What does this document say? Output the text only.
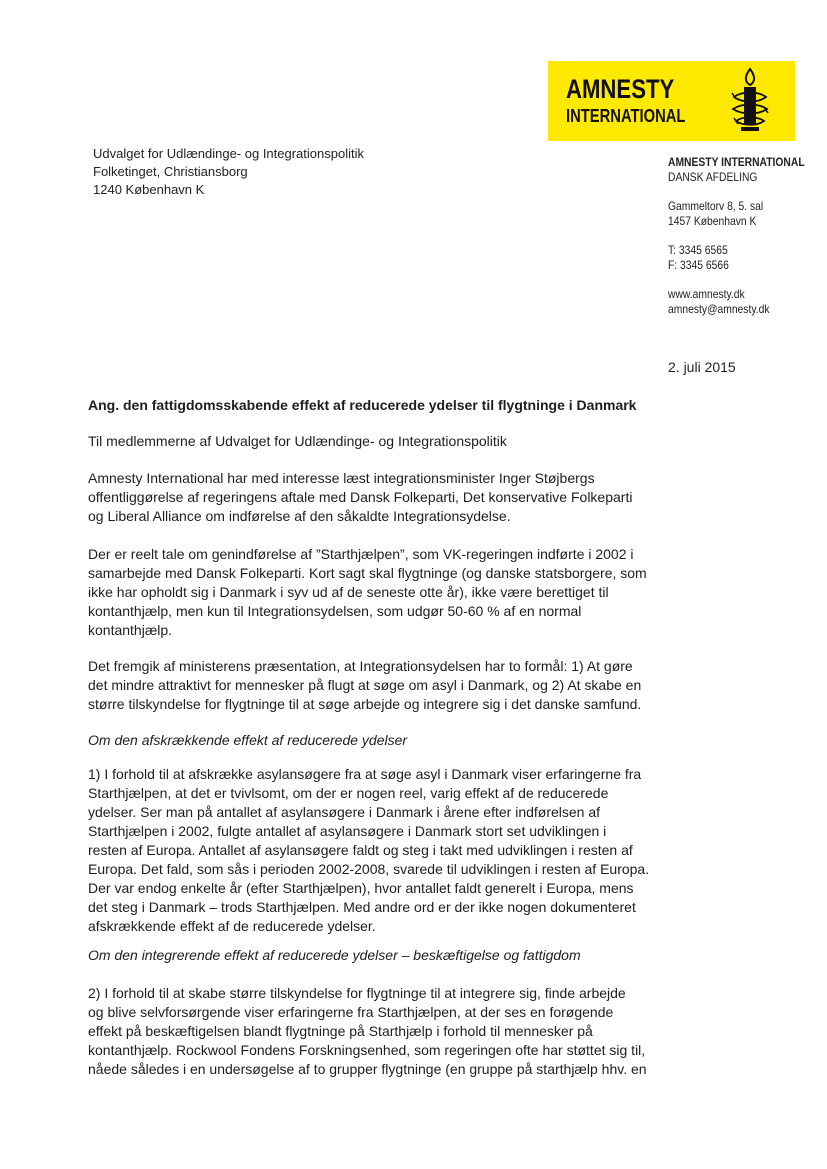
AMNESTY
INTERNATIONAL
Udvalget for Udlændinge- og Integrationspolitik
Folketinget, Christiansborg
1240 København K
AMNESTY INTERNATIONAL
DANSK AFDELING
Gammeltorv 8, 5. sal
1457 København K
T: 3345 6565
F: 3345 6566
www.amnesty.dk
amnesty@amnesty.dk
2. juli 2015
Ang. den fattigdomsskabende effekt af reducerede ydelser til flygtninge i Danmark
Til medlemmerne af Udvalget for Udlændinge- og Integrationspolitik
Amnesty International har med interesse læst integrationsminister Inger Støjbergs
offentliggørelse af regeringens aftale med Dansk Folkeparti, Det konservative Folkeparti
og Liberal Alliance om indførelse af den såkaldte Integrationsydelse.
Der er reelt tale om genindførelse af ”Starthjælpen”, som VK-regeringen indførte i 2002 i
samarbejde med Dansk Folkeparti. Kort sagt skal flygtninge (og danske statsborgere, som
ikke har opholdt sig i Danmark i syv ud af de seneste otte år), ikke være berettiget til
kontanthjælp, men kun til Integrationsydelsen, som udgør 50-60 % af en normal
kontanthjælp.
Det fremgik af ministerens præsentation, at Integrationsydelsen har to formål: 1) At gøre
det mindre attraktivt for mennesker på flugt at søge om asyl i Danmark, og 2) At skabe en
større tilskyndelse for flygtninge til at søge arbejde og integrere sig i det danske samfund.
Om den afskrækkende effekt af reducerede ydelser
1) I forhold til at afskrække asylansøgere fra at søge asyl i Danmark viser erfaringerne fra
Starthjælpen, at det er tvivlsomt, om der er nogen reel, varig effekt af de reducerede
ydelser. Ser man på antallet af asylansøgere i Danmark i årene efter indførelsen af
Starthjælpen i 2002, fulgte antallet af asylansøgere i Danmark stort set udviklingen i
resten af Europa. Antallet af asylansøgere faldt og steg i takt med udviklingen i resten af
Europa. Det fald, som sås i perioden 2002-2008, svarede til udviklingen i resten af Europa.
Der var endog enkelte år (efter Starthjælpen), hvor antallet faldt generelt i Europa, mens
det steg i Danmark – trods Starthjælpen. Med andre ord er der ikke nogen dokumenteret
afskrækkende effekt af de reducerede ydelser.
Om den integrerende effekt af reducerede ydelser – beskæftigelse og fattigdom
2) I forhold til at skabe større tilskyndelse for flygtninge til at integrere sig, finde arbejde
og blive selvforsørgende viser erfaringerne fra Starthjælpen, at der ses en forøgende
effekt på beskæftigelsen blandt flygtninge på Starthjælp i forhold til mennesker på
kontanthjælp. Rockwool Fondens Forskningsenhed, som regeringen ofte har støttet sig til,
nåede således i en undersøgelse af to grupper flygtninge (en gruppe på starthjælp hhv. en
